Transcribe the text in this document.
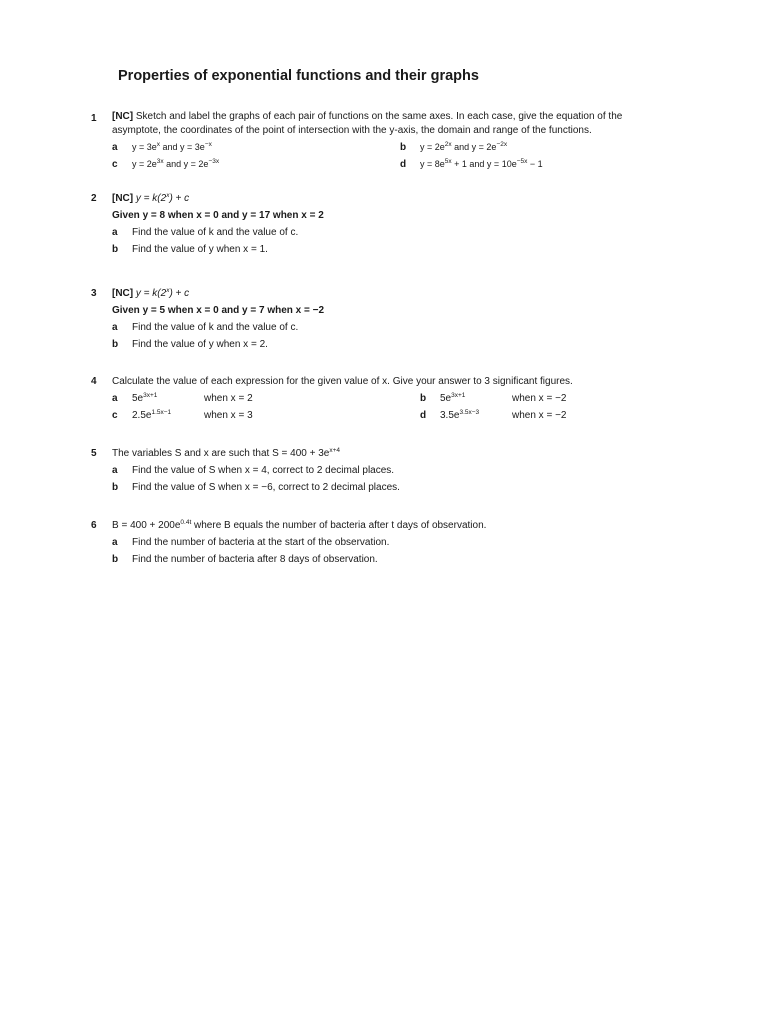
Properties of exponential functions and their graphs
1	[NC] Sketch and label the graphs of each pair of functions on the same axes. In each case, give the equation of the asymptote, the coordinates of the point of intersection with the y-axis, the domain and range of the functions.
a $y = 3e^x$ and $y = 3e^{-x}$	b $y = 2e^{2x}$ and $y = 2e^{-2x}$
c $y = 2e^{3x}$ and $y = 2e^{-3x}$	d $y = 8e^{5x} + 1$ and $y = 10e^{-5x} - 1$
2	[NC] $y = k(2^x) + c$
Given y = 8 when x = 0 and y = 17 when x = 2
a Find the value of k and the value of c.
b Find the value of y when x = 1.
3	[NC] $y = k(2^x) + c$
Given y = 5 when x = 0 and y = 7 when x = −2
a Find the value of k and the value of c.
b Find the value of y when x = 2.
4	Calculate the value of each expression for the given value of x. Give your answer to 3 significant figures.
a $5e^{3x+1}$	when x = 2	b $5e^{3x+1}$	when x = −2
c $2.5e^{1.5x-1}$	when x = 3	d $3.5e^{3.5x-3}$	when x = −2
5	The variables S and x are such that $S = 400 + 3e^{x+4}$
a Find the value of S when x = 4, correct to 2 decimal places.
b Find the value of S when x = −6, correct to 2 decimal places.
6	$B = 400 + 200e^{0.4t}$ where B equals the number of bacteria after t days of observation.
a Find the number of bacteria at the start of the observation.
b Find the number of bacteria after 8 days of observation.
